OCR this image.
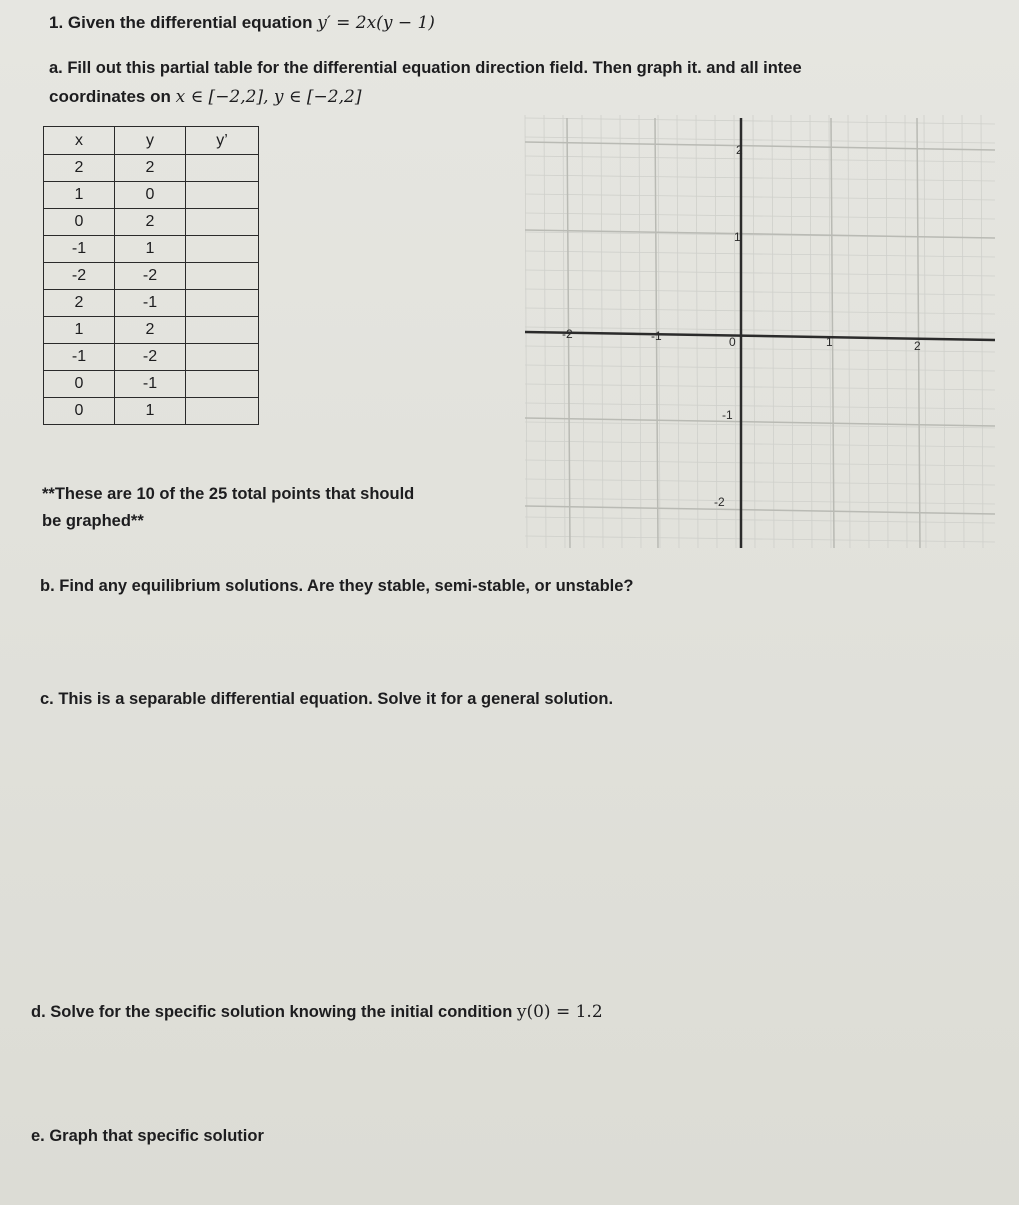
1. Given the differential equation y′ = 2x(y − 1)
a. Fill out this partial table for the differential equation direction field. Then graph it. and all intee
coordinates on x ∈ [−2,2], y ∈ [−2,2]
x	y	y’
2	2	
1	0	
0	2	
-1	1	
-2	-2	
2	-1	
1	2	
-1	-2	
0	-1	
0	1	
**These are 10 of the 25 total points that should
be graphed**
-2	-1	0	1	2
2
1
-1
-2
b. Find any equilibrium solutions. Are they stable, semi-stable, or unstable?
c. This is a separable differential equation. Solve it for a general solution.
d. Solve for the specific solution knowing the initial condition y(0) = 1.2
e. Graph that specific solutior
